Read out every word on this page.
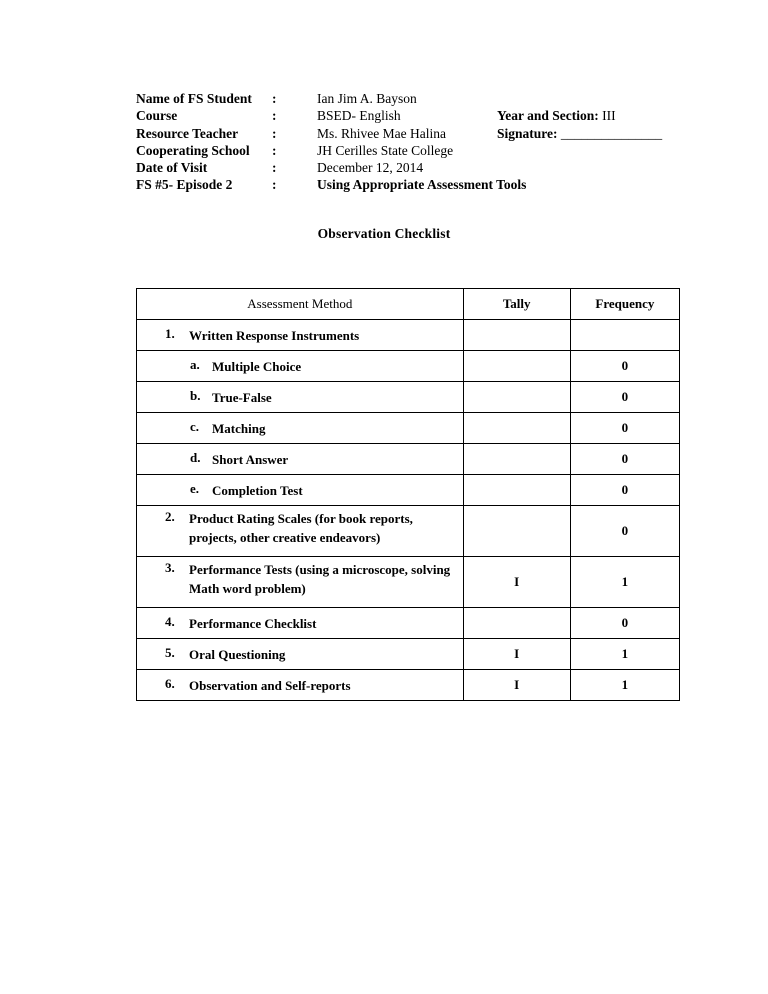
Name of FS Student :	Ian Jim A. Bayson
Course	:	BSED- English	Year and Section: III
Resource Teacher	:	Ms. Rhivee Mae Halina	Signature: _______________
Cooperating School :	JH Cerilles State College
Date of Visit	:	December 12, 2014
FS #5- Episode 2	:	Using Appropriate Assessment Tools
Observation Checklist
Assessment Method	Tally	Frequency

1. Written Response Instruments		

a. Multiple Choice		0

b. True-False		0

c. Matching		0

d. Short Answer		0

e. Completion Test		0

2. Product Rating Scales (for book reports, projects, other creative endeavors)		0

3. Performance Tests (using a microscope, solving Math word problem)	I	1

4. Performance Checklist		0

5. Oral Questioning	I	1

6. Observation and Self-reports	I	1
